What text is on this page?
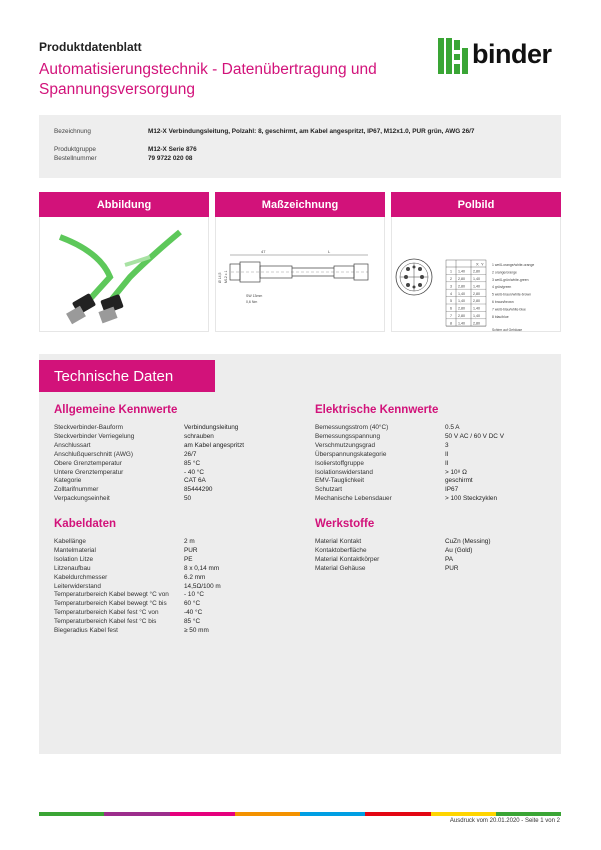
Produktdatenblatt
Automatisierungstechnik - Datenübertragung und Spannungsversorgung
binder
Bezeichnung	M12-X Verbindungsleitung, Polzahl: 8, geschirmt, am Kabel angespritzt, IP67, M12x1.0, PUR grün, AWG 26/7
Produktgruppe	M12-X Serie 876
Bestellnummer	79 9722 020 08
Abbildung	Maßzeichnung
47	L
Ø 14,5 M12 x 1
SW 13mm
0,6 Nm
Polbild
X Y
1 1,40 2,80
2 2,80 1,40
3 2,80 1,40
4 1,40 2,80
5 1,40 2,80
6 2,80 1,40
7 2,80 1,40
8 1,40 2,80
1 weiß-orange/white-orange
2 orange/orange
3 weiß-grün/white-green
4 grün/green
5 weiß-braun/white-brown
6 braun/brown
7 weiß-blau/white-blue
8 blau/blue
Schirm auf Gehäuse
Technische Daten
Allgemeine Kennwerte
Steckverbinder-Bauform	Verbindungsleitung
Steckverbinder Verriegelung	schrauben
Anschlussart	am Kabel angespritzt
Anschlußquerschnitt (AWG)	26/7
Obere Grenztemperatur	85 °C
Untere Grenztemperatur	- 40 °C
Kategorie	CAT 6A
Zolltarifnummer	85444290
Verpackungseinheit	50
Elektrische Kennwerte
Bemessungsstrom (40°C)	0.5 A
Bemessungsspannung	50 V AC / 60 V DC V
Verschmutzungsgrad	3
Überspannungskategorie	II
Isolierstoffgruppe	II
Isolationswiderstand	> 10⁸ Ω
EMV-Tauglichkeit	geschirmt
Schutzart	IP67
Mechanische Lebensdauer	> 100 Steckzyklen
Kabeldaten
Kabellänge	2 m
Mantelmaterial	PUR
Isolation Litze	PE
Litzenaufbau	8 x 0,14 mm
Kabeldurchmesser	6.2 mm
Leiterwiderstand	14,5Ω/100 m
Temperaturbereich Kabel bewegt °C von	- 10 °C
Temperaturbereich Kabel bewegt °C bis	60 °C
Temperaturbereich Kabel fest °C von	-40 °C
Temperaturbereich Kabel fest °C bis	85 °C
Biegeradius Kabel fest	≥ 50 mm
Werkstoffe
Material Kontakt	CuZn (Messing)
Kontaktoberfläche	Au (Gold)
Material Kontaktkörper	PA
Material Gehäuse	PUR
Ausdruck vom 20.01.2020 - Seite 1 von 2
